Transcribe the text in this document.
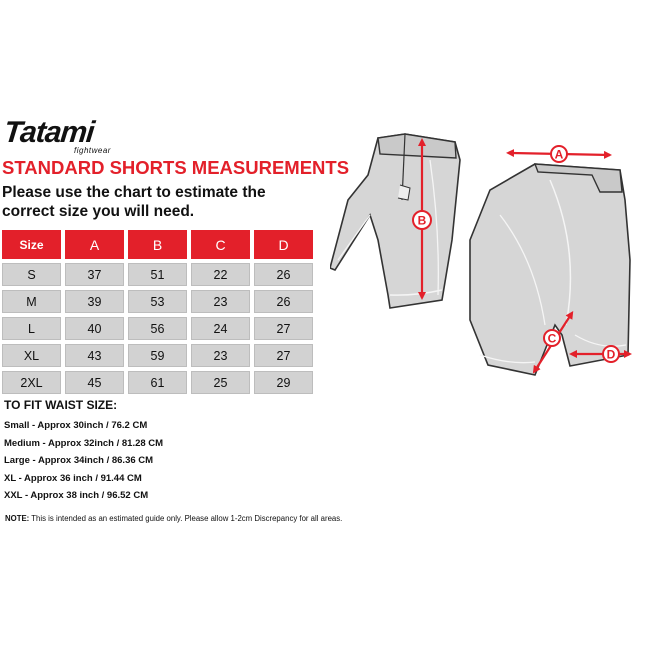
Tatami
fightwear
STANDARD SHORTS MEASUREMENTS
Please use the chart to estimate the correct size you will need.
Size	A	B	C	D
S	37	51	22	26
M	39	53	23	26
L	40	56	24	27
XL	43	59	23	27
2XL	45	61	25	29
TO FIT WAIST SIZE:
Small - Approx 30inch / 76.2 CM
Medium - Approx 32inch / 81.28 CM
Large - Approx 34inch / 86.36 CM
XL - Approx 36 inch / 91.44 CM
XXL - Approx 38 inch / 96.52 CM
NOTE: This is intended as an estimated guide only. Please allow 1-2cm Discrepancy for all areas.
A
B
C
D
